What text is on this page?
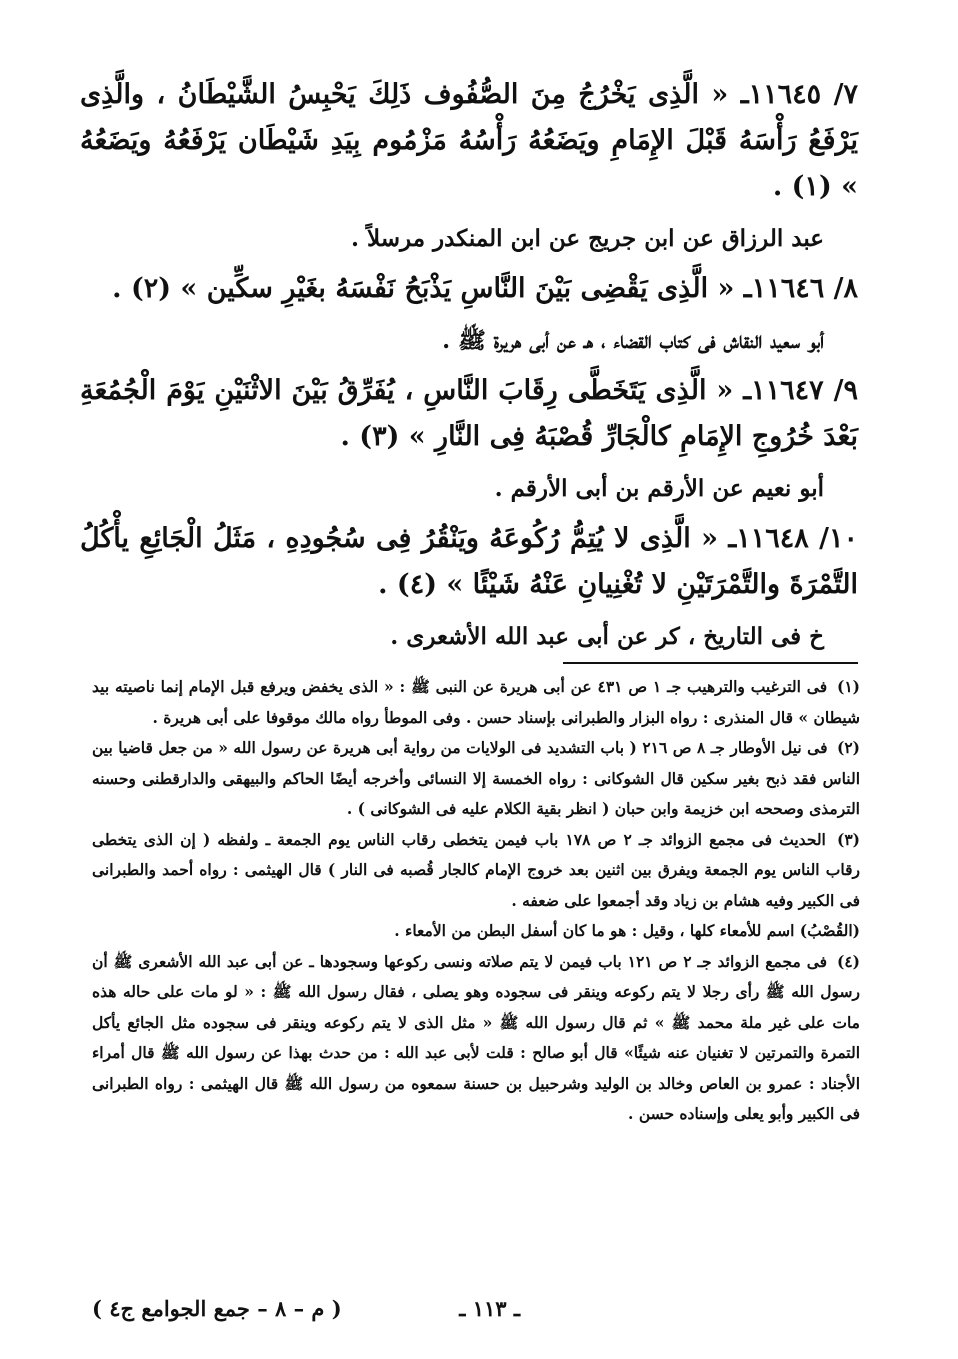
٧/ ١١٦٤٥ـ « الَّذِى يَخْرُجُ مِنَ الصُّفُوف ذَلِكَ يَحْبِسُ الشَّيْطَانُ ، والَّذِى يَرْفَعُ رَأْسَهُ قَبْلَ الإِمَامِ ويَضَعُهُ رَأْسُهُ مَزْمُوم بِيَدِ شَيْطَان يَرْفَعُهُ ويَضَعُهُ » (١) .

عبد الرزاق عن ابن جريج عن ابن المنكدر مرسلاً .

٨/ ١١٦٤٦ـ « الَّذِى يَقْضِى بَيْنَ النَّاسِ يَذْبَحُ نَفْسَهُ بغَيْرِ سكِّين » (٢) .

أبو سعيد النقاش فى كتاب القضاء ، هـ عن أبى هريرة ﷺ .

٩/ ١١٦٤٧ـ « الَّذِى يَتَخَطَّى رِقَابَ النَّاسِ ، يُفَرِّقُ بَيْنَ الاثْنَيْنِ يَوْمَ الْجُمُعَةِ بَعْدَ خُرُوجِ الإِمَامِ كالْجَارِّ قُصْبَهُ فِى النَّارِ » (٣) .

أبو نعيم عن الأرقم بن أبى الأرقم .

١٠/ ١١٦٤٨ـ « الَّذِى لا يُتِمُّ رُكُوعَهُ ويَنْقُرُ فِى سُجُودِهِ ، مَثَلُ الْجَائِعِ يأْكُلُ التَّمْرَةَ والتَّمْرَتَيْنِ لا تُغْنِيانِ عَنْهُ شَيْئًا » (٤) .

خ فى التاريخ ، كر عن أبى عبد الله الأشعرى .

(١) فى الترغيب والترهيب جـ ١ ص ٤٣١ عن أبى هريرة عن النبى ﷺ : « الذى يخفض ويرفع قبل الإمام إنما ناصيته بيد شيطان » قال المنذرى : رواه البزار والطبرانى بإسناد حسن . وفى الموطأ رواه مالك موقوفا على أبى هريرة .

(٢) فى نيل الأوطار جـ ٨ ص ٢١٦ ( باب التشديد فى الولايات من رواية أبى هريرة عن رسول الله « من جعل قاضيا بين الناس فقد ذبح بغير سكين قال الشوكانى : رواه الخمسة إلا النسائى وأخرجه أيضًا الحاكم والبيهقى والدارقطنى وحسنه الترمذى وصححه ابن خزيمة وابن حبان ( انظر بقية الكلام عليه فى الشوكانى ) .

(٣) الحديث فى مجمع الزوائد جـ ٢ ص ١٧٨ باب فيمن يتخطى رقاب الناس يوم الجمعة ـ ولفظه ( إن الذى يتخطى رقاب الناس يوم الجمعة ويفرق بين اثنين بعد خروج الإمام كالجار قُصبه فى النار ) قال الهيثمى : رواه أحمد والطبرانى فى الكبير وفيه هشام بن زياد وقد أجمعوا على ضعفه .

(القُصْبُ) اسم للأمعاء كلها ، وقيل : هو ما كان أسفل البطن من الأمعاء .

(٤) فى مجمع الزوائد جـ ٢ ص ١٢١ باب فيمن لا يتم صلاته ونسى ركوعها وسجودها ـ عن أبى عبد الله الأشعرى ﷺ أن رسول الله ﷺ رأى رجلا لا يتم ركوعه وينقر فى سجوده وهو يصلى ، فقال رسول الله ﷺ : « لو مات على حاله هذه مات على غير ملة محمد ﷺ » ثم قال رسول الله ﷺ « مثل الذى لا يتم ركوعه وينقر فى سجوده مثل الجائع يأكل التمرة والتمرتين لا تغنيان عنه شيئًا» قال أبو صالح : قلت لأبى عبد الله : من حدث بهذا عن رسول الله ﷺ قال أمراء الأجناد : عمرو بن العاص وخالد بن الوليد وشرحبيل بن حسنة سمعوه من رسول الله ﷺ قال الهيثمى : رواه الطبرانى فى الكبير وأبو يعلى وإسناده حسن .

ـ ١١٣ ـ
( م – ٨ – جمع الجوامع ج٤ )
